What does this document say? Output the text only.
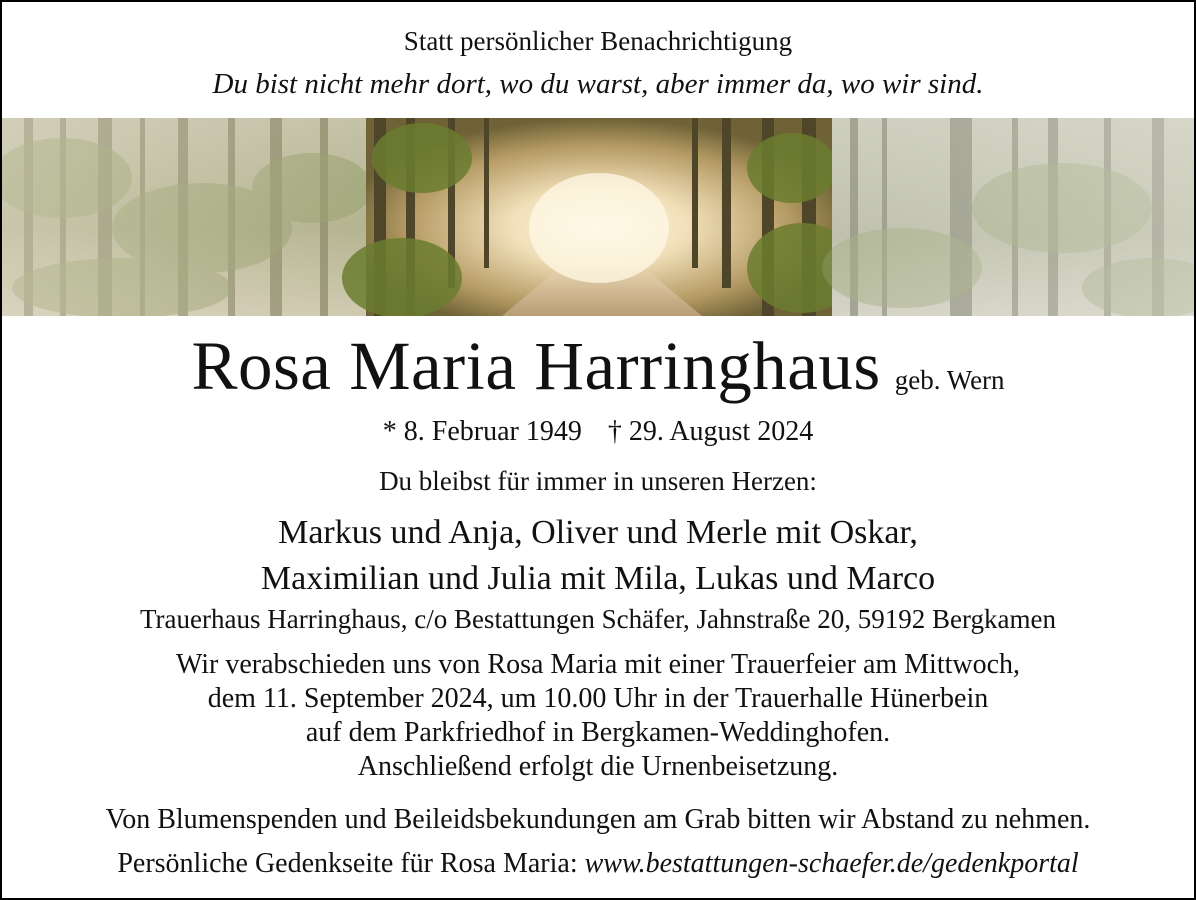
Statt persönlicher Benachrichtigung
Du bist nicht mehr dort, wo du warst, aber immer da, wo wir sind.
Rosa Maria Harringhaus geb. Wern
* 8. Februar 1949 † 29. August 2024
Du bleibst für immer in unseren Herzen:
Markus und Anja, Oliver und Merle mit Oskar,
Maximilian und Julia mit Mila, Lukas und Marco
Trauerhaus Harringhaus, c/o Bestattungen Schäfer, Jahnstraße 20, 59192 Bergkamen
Wir verabschieden uns von Rosa Maria mit einer Trauerfeier am Mittwoch,
dem 11. September 2024, um 10.00 Uhr in der Trauerhalle Hünerbein
auf dem Parkfriedhof in Bergkamen-Weddinghofen.
Anschließend erfolgt die Urnenbeisetzung.
Von Blumenspenden und Beileidsbekundungen am Grab bitten wir Abstand zu nehmen.
Persönliche Gedenkseite für Rosa Maria: www.bestattungen-schaefer.de/gedenkportal
